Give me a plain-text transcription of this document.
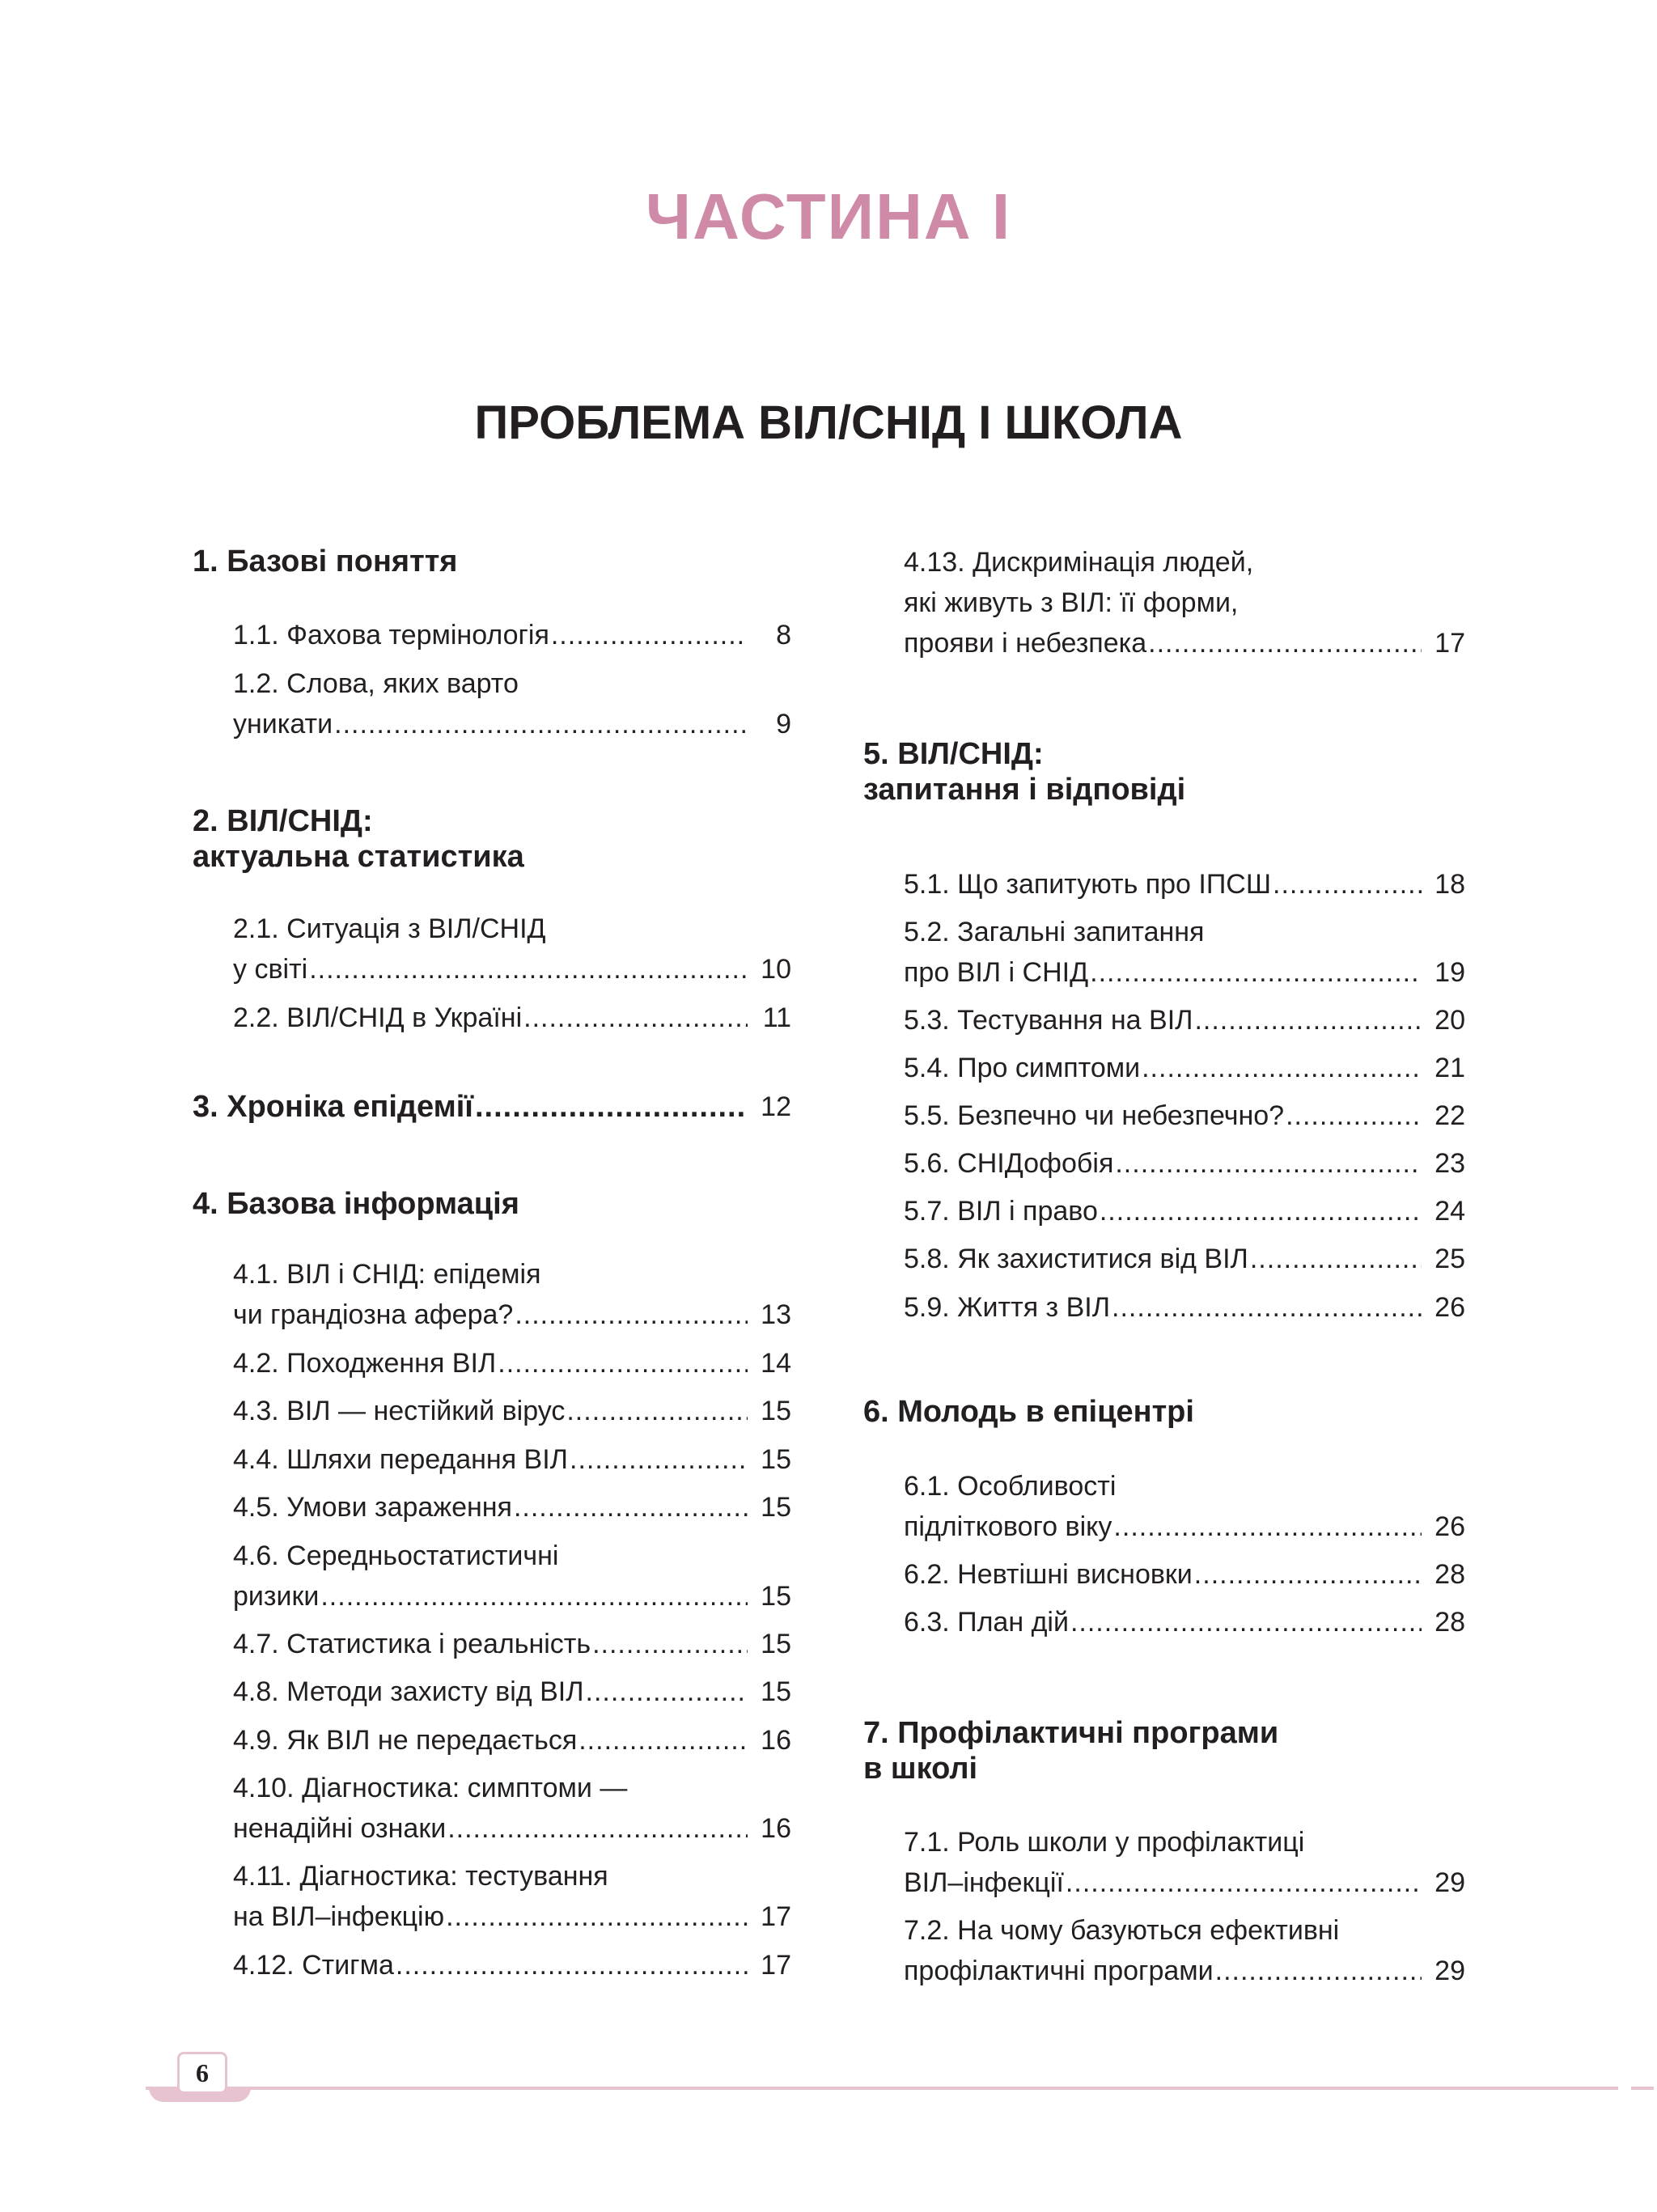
ЧАСТИНА І
ПРОБЛЕМА ВІЛ/СНІД І ШКОЛА
1. Базові поняття
1.1. Фахова термінологія .....	8
1.2. Слова, яких варто
уникати .....	9
2. ВІЛ/СНІД:
актуальна статистика
2.1. Ситуація з ВІЛ/СНІД
у світі .....	10
2.2. ВІЛ/СНІД в Україні .....	11
3. Хроніка епідемії .....	12
4. Базова інформація
4.1. ВІЛ і СНІД: епідемія
чи грандіозна афера? .....	13
4.2. Походження ВІЛ .....	14
4.3. ВІЛ — нестійкий вірус .....	15
4.4. Шляхи передання ВІЛ .....	15
4.5. Умови зараження .....	15
4.6. Середньостатистичні
ризики .....	15
4.7. Статистика і реальність .....	15
4.8. Методи захисту від ВІЛ .....	15
4.9. Як ВІЛ не передається .....	16
4.10. Діагностика: симптоми —
ненадійні ознаки .....	16
4.11. Діагностика: тестування
на ВІЛ–інфекцію .....	17
4.12. Стигма .....	17
4.13. Дискримінація людей,
які живуть з ВІЛ: її форми,
прояви і небезпека .....	17
5. ВІЛ/СНІД:
запитання і відповіді
5.1. Що запитують про ІПСШ .....	18
5.2. Загальні запитання
про ВІЛ і СНІД .....	19
5.3. Тестування на ВІЛ .....	20
5.4. Про симптоми .....	21
5.5. Безпечно чи небезпечно? .....	22
5.6. СНІДофобія .....	23
5.7. ВІЛ і право .....	24
5.8. Як захиститися від ВІЛ .....	25
5.9. Життя з ВІЛ .....	26
6. Молодь в епіцентрі
6.1. Особливості
підліткового віку .....	26
6.2. Невтішні висновки .....	28
6.3. План дій .....	28
7. Профілактичні програми
в школі
7.1. Роль школи у профілактиці
ВІЛ–інфекції .....	29
7.2. На чому базуються ефективні
профілактичні програми .....	29
6
